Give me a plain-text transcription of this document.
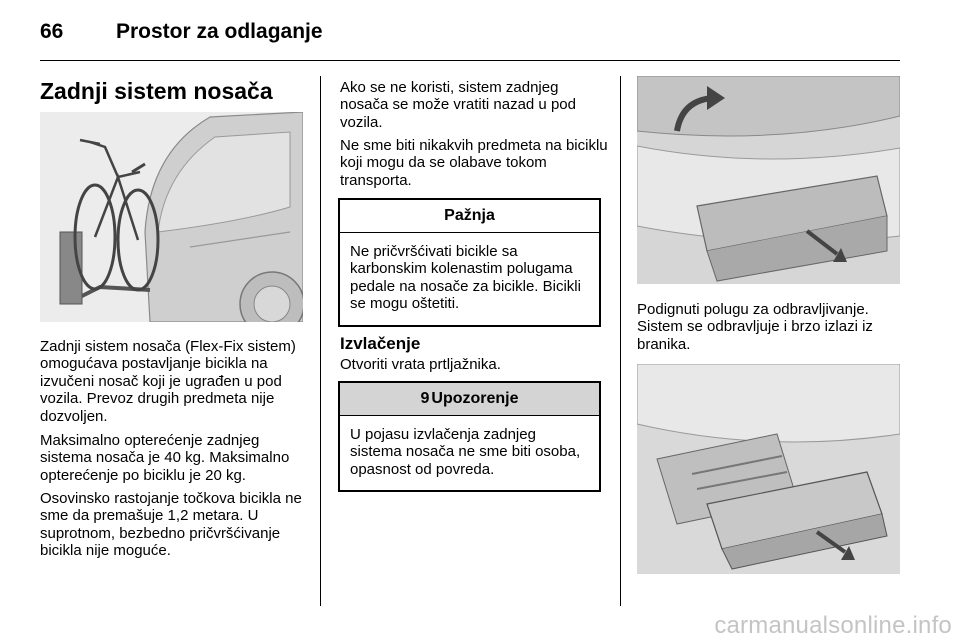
66	Prostor za odlaganje
Zadnji sistem nosača
Zadnji sistem nosača (Flex-Fix sistem) omogućava postavljanje bicikla na izvučeni nosač koji je ugrađen u pod vozila. Prevoz drugih predmeta nije dozvoljen.
Maksimalno opterećenje zadnjeg sistema nosača je 40 kg. Maksimalno opterećenje po biciklu je 20 kg.
Osovinsko rastojanje točkova bicikla ne sme da premašuje 1,2 metara. U suprotnom, bezbedno pričvršćivanje bicikla nije moguće.
Ako se ne koristi, sistem zadnjeg nosača se može vratiti nazad u pod vozila.
Ne sme biti nikakvih predmeta na biciklu koji mogu da se olabave tokom transporta.
Pažnja
Ne pričvršćivati bicikle sa karbonskim kolenastim polugama pedale na nosače za bicikle. Bicikli se mogu oštetiti.
Izvlačenje
Otvoriti vrata prtljažnika.
9 Upozorenje
U pojasu izvlačenja zadnjeg sistema nosača ne sme biti osoba, opasnost od povreda.
Podignuti polugu za odbravljivanje. Sistem se odbravljuje i brzo izlazi iz branika.
carmanualsonline.info
